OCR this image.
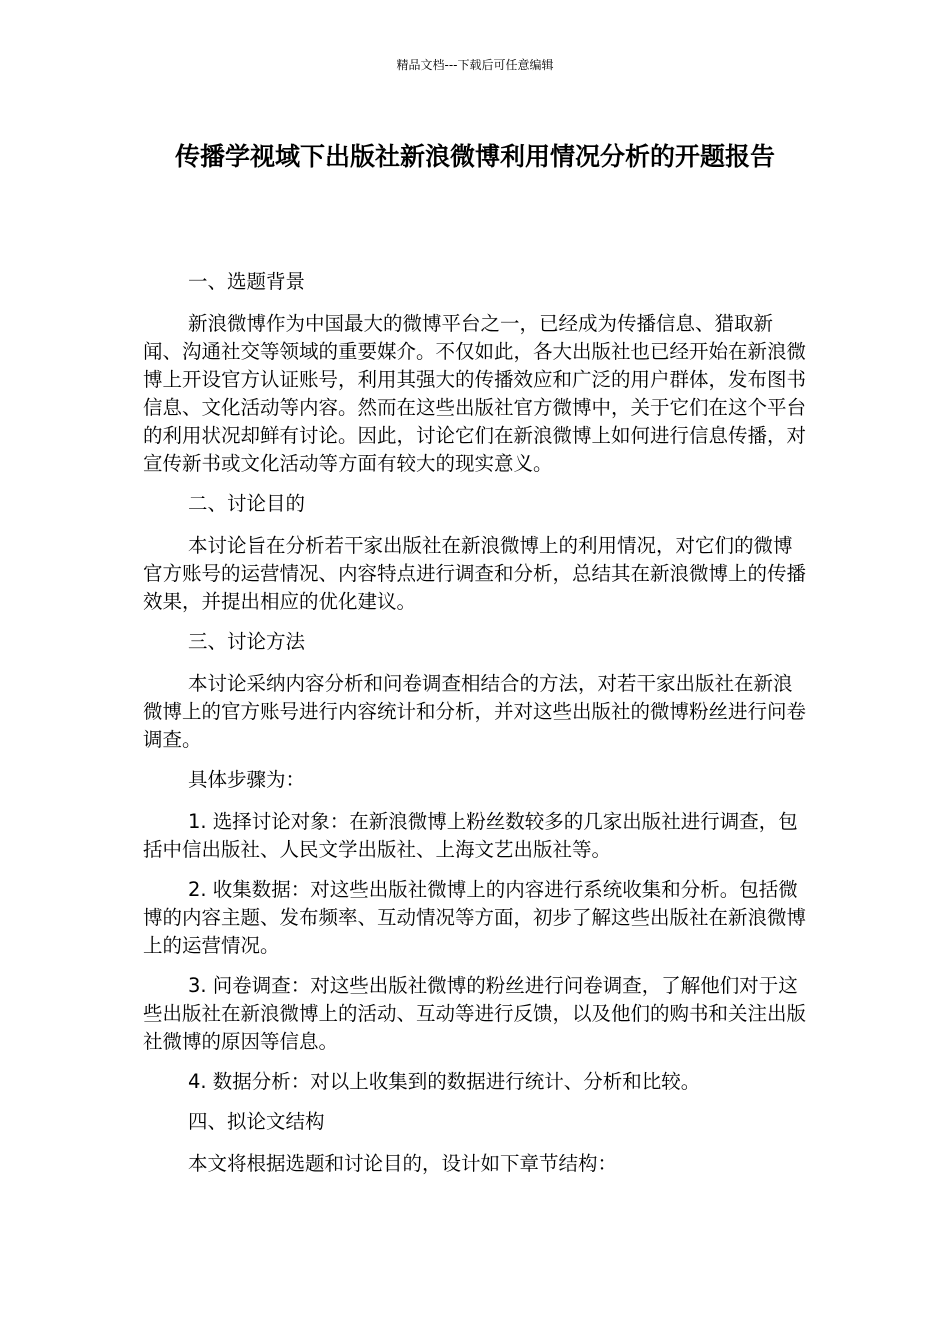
精品文档---下载后可任意编辑
传播学视域下出版社新浪微博利用情况分析的开题报告

一、选题背景

新浪微博作为中国最大的微博平台之一，已经成为传播信息、猎取新闻、沟通社交等领域的重要媒介。不仅如此，各大出版社也已经开始在新浪微博上开设官方认证账号，利用其强大的传播效应和广泛的用户群体，发布图书信息、文化活动等内容。然而在这些出版社官方微博中，关于它们在这个平台的利用状况却鲜有讨论。因此，讨论它们在新浪微博上如何进行信息传播，对宣传新书或文化活动等方面有较大的现实意义。

二、讨论目的

本讨论旨在分析若干家出版社在新浪微博上的利用情况，对它们的微博官方账号的运营情况、内容特点进行调查和分析，总结其在新浪微博上的传播效果，并提出相应的优化建议。

三、讨论方法

本讨论采纳内容分析和问卷调查相结合的方法，对若干家出版社在新浪微博上的官方账号进行内容统计和分析，并对这些出版社的微博粉丝进行问卷调查。

具体步骤为：

1. 选择讨论对象：在新浪微博上粉丝数较多的几家出版社进行调查，包括中信出版社、人民文学出版社、上海文艺出版社等。

2. 收集数据：对这些出版社微博上的内容进行系统收集和分析。包括微博的内容主题、发布频率、互动情况等方面，初步了解这些出版社在新浪微博上的运营情况。

3. 问卷调查：对这些出版社微博的粉丝进行问卷调查，了解他们对于这些出版社在新浪微博上的活动、互动等进行反馈，以及他们的购书和关注出版社微博的原因等信息。

4. 数据分析：对以上收集到的数据进行统计、分析和比较。

四、拟论文结构

本文将根据选题和讨论目的，设计如下章节结构：
